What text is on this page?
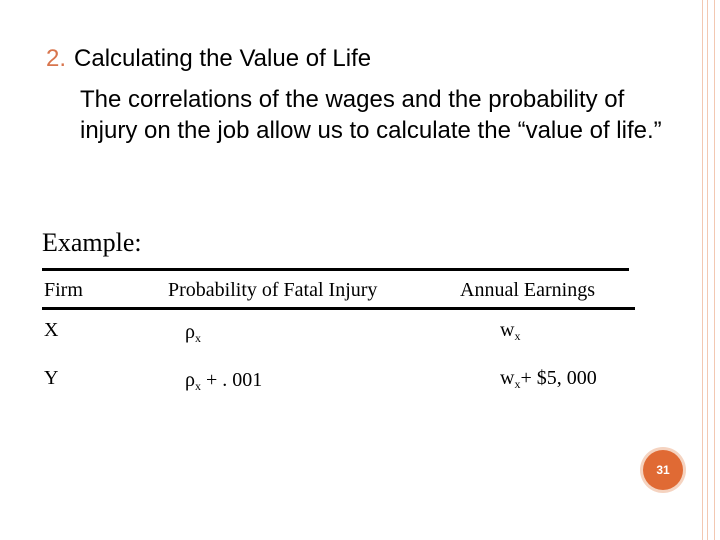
2. Calculating the Value of Life
The correlations of the wages and the probability of injury on the job allow us to calculate the “value of life.”
Example:
Firm	Probability of Fatal Injury	Annual Earnings
X	$\rho_x$	$w_x$
Y	$\rho_x$ + . 001	$w_x+$ $5, 000
31
